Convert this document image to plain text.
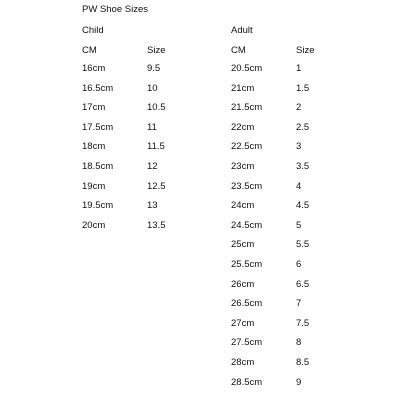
PW Shoe Sizes
Child
CM	Size
16cm	9.5
16.5cm	10
17cm	10.5
17.5cm	11
18cm	11.5
18.5cm	12
19cm	12.5
19.5cm	13
20cm	13.5
Adult
CM	Size
20.5cm	1
21cm	1.5
21.5cm	2
22cm	2.5
22.5cm	3
23cm	3.5
23.5cm	4
24cm	4.5
24.5cm	5
25cm	5.5
25.5cm	6
26cm	6.5
26.5cm	7
27cm	7.5
27.5cm	8
28cm	8.5
28.5cm	9
